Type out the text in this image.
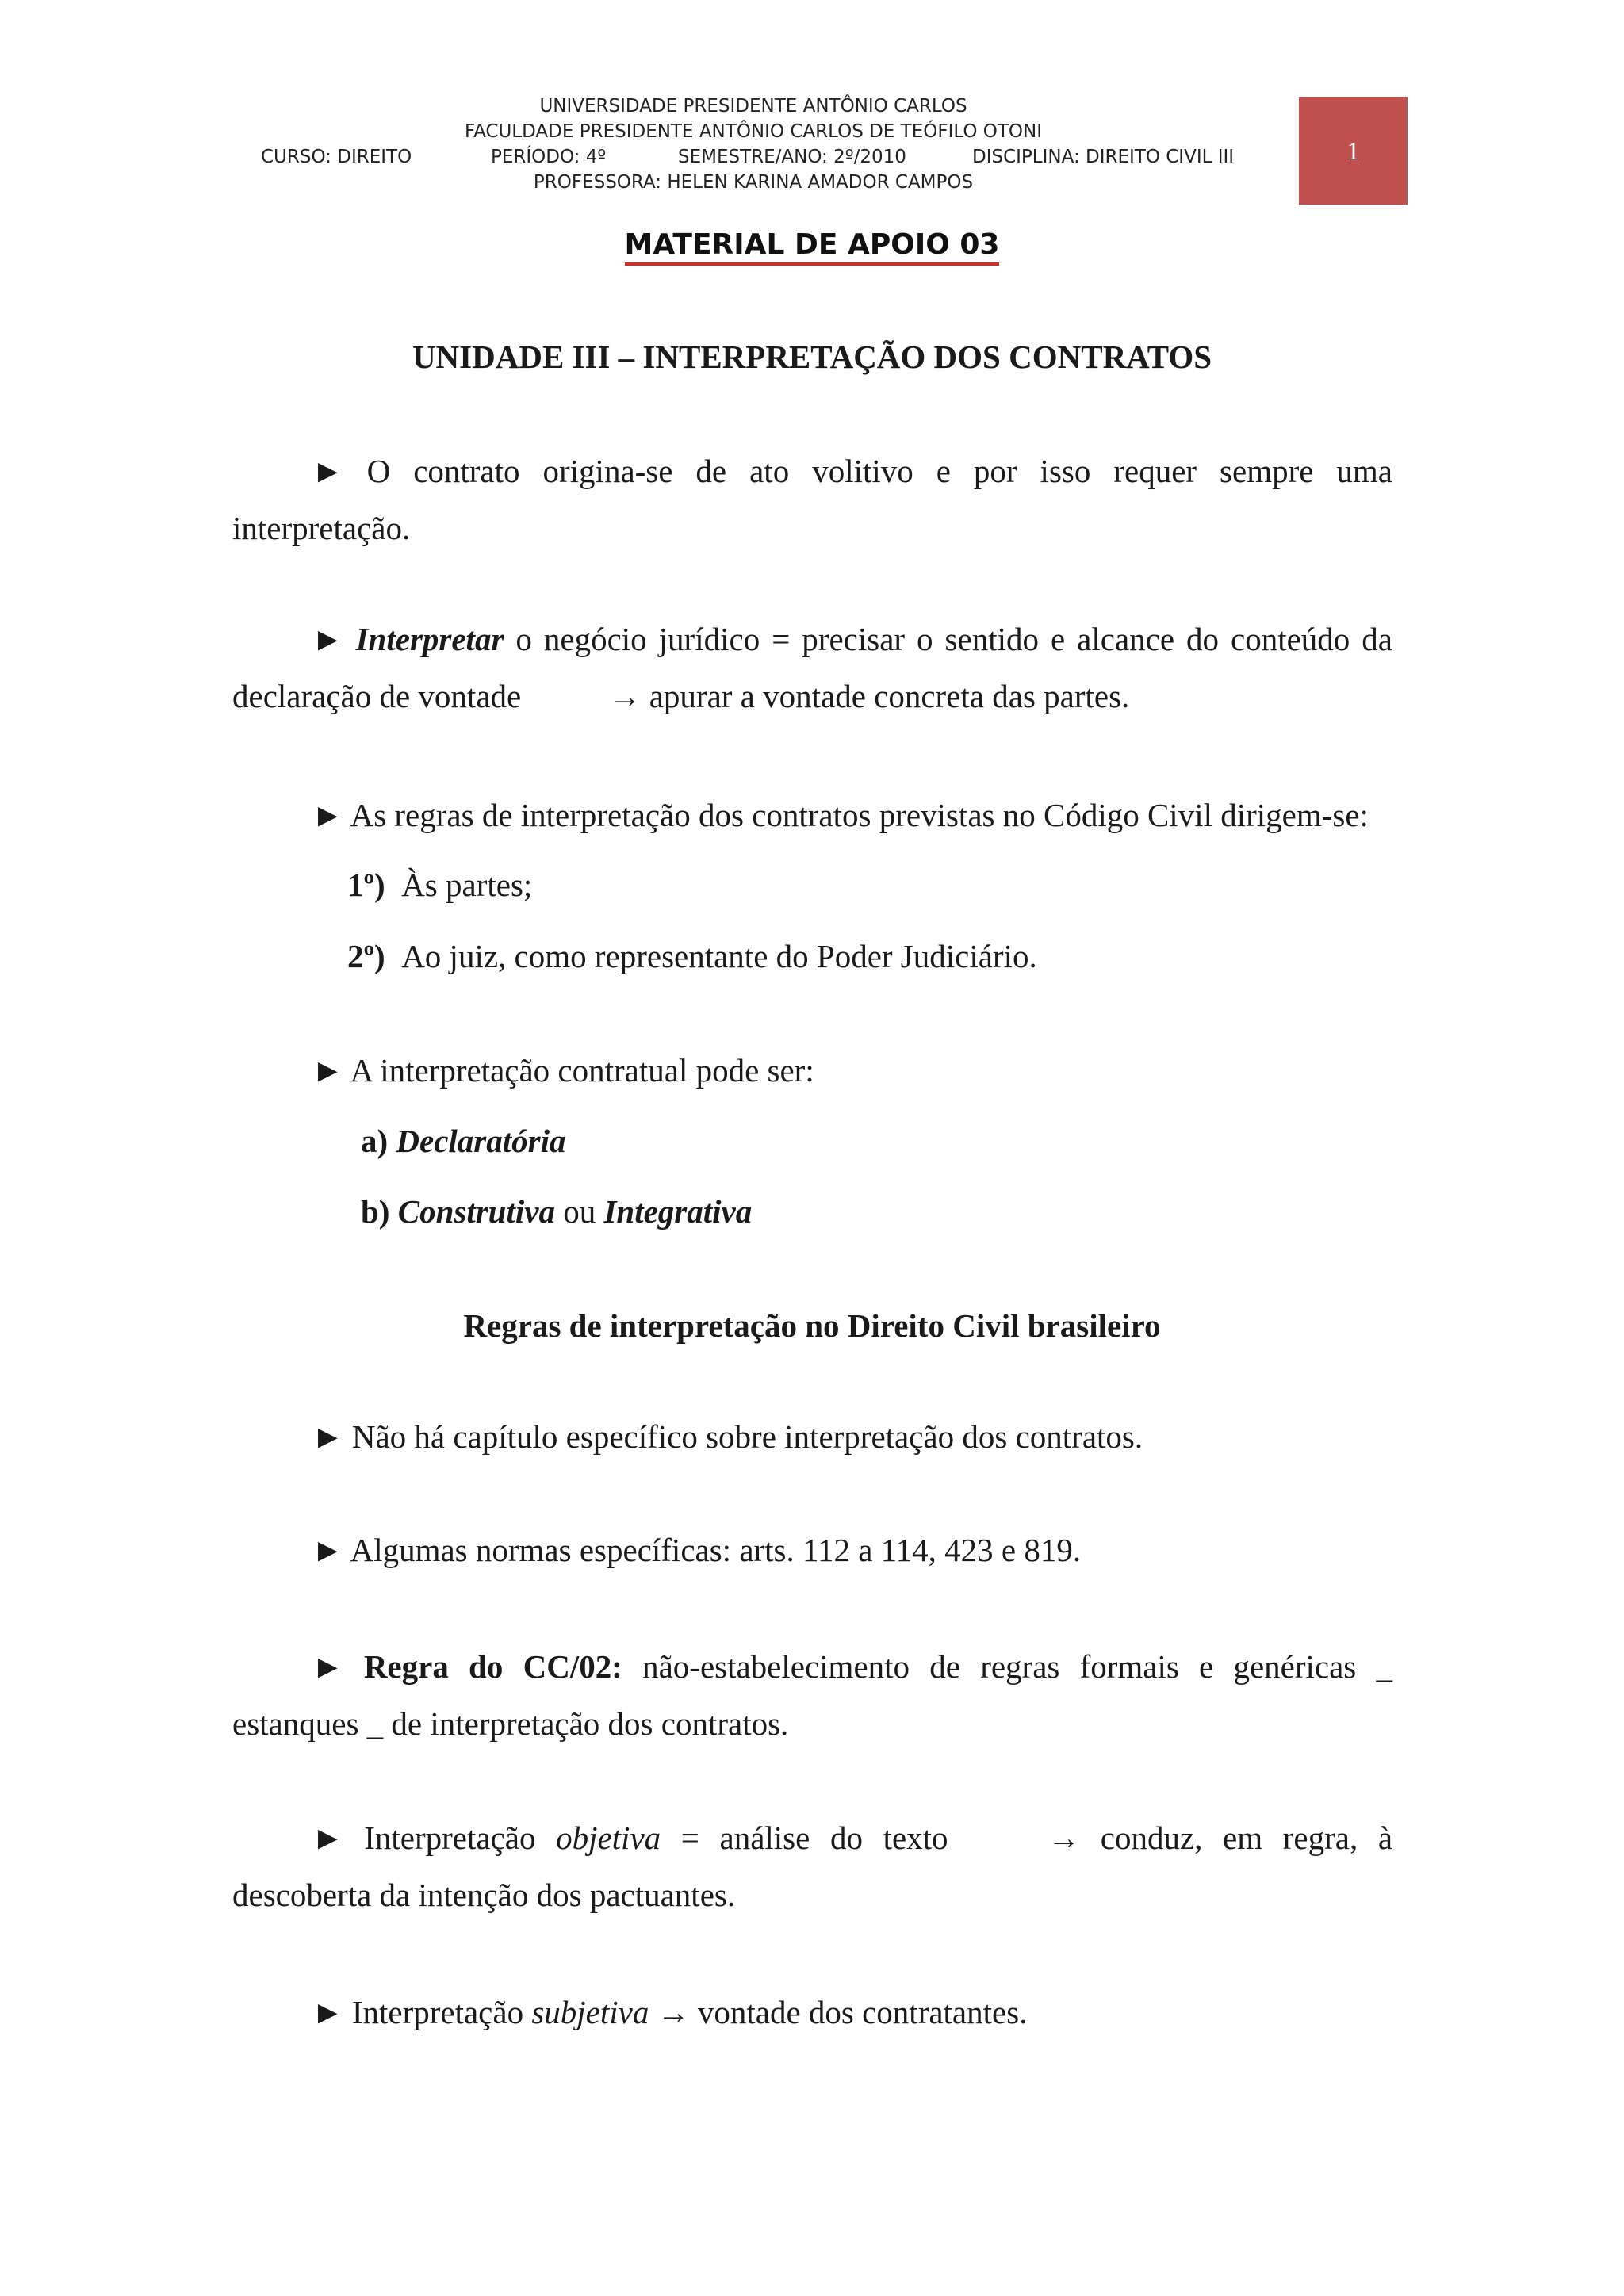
UNIVERSIDADE PRESIDENTE ANTÔNIO CARLOS
FACULDADE PRESIDENTE ANTÔNIO CARLOS DE TEÓFILO OTONI
CURSO: DIREITO	PERÍODO: 4º	SEMESTRE/ANO: 2º/2010	DISCIPLINA: DIREITO CIVIL III
PROFESSORA: HELEN KARINA AMADOR CAMPOS
1
MATERIAL DE APOIO 03
UNIDADE III – INTERPRETAÇÃO DOS CONTRATOS
► O contrato origina-se de ato volitivo e por isso requer sempre uma interpretação.
► Interpretar o negócio jurídico = precisar o sentido e alcance do conteúdo da declaração de vontade → apurar a vontade concreta das partes.
► As regras de interpretação dos contratos previstas no Código Civil dirigem-se:
1º) Às partes;
2º) Ao juiz, como representante do Poder Judiciário.
► A interpretação contratual pode ser:
a) Declaratória
b) Construtiva ou Integrativa
Regras de interpretação no Direito Civil brasileiro
► Não há capítulo específico sobre interpretação dos contratos.
► Algumas normas específicas: arts. 112 a 114, 423 e 819.
► Regra do CC/02: não-estabelecimento de regras formais e genéricas _ estanques _ de interpretação dos contratos.
► Interpretação objetiva = análise do texto → conduz, em regra, à descoberta da intenção dos pactuantes.
► Interpretação subjetiva → vontade dos contratantes.
